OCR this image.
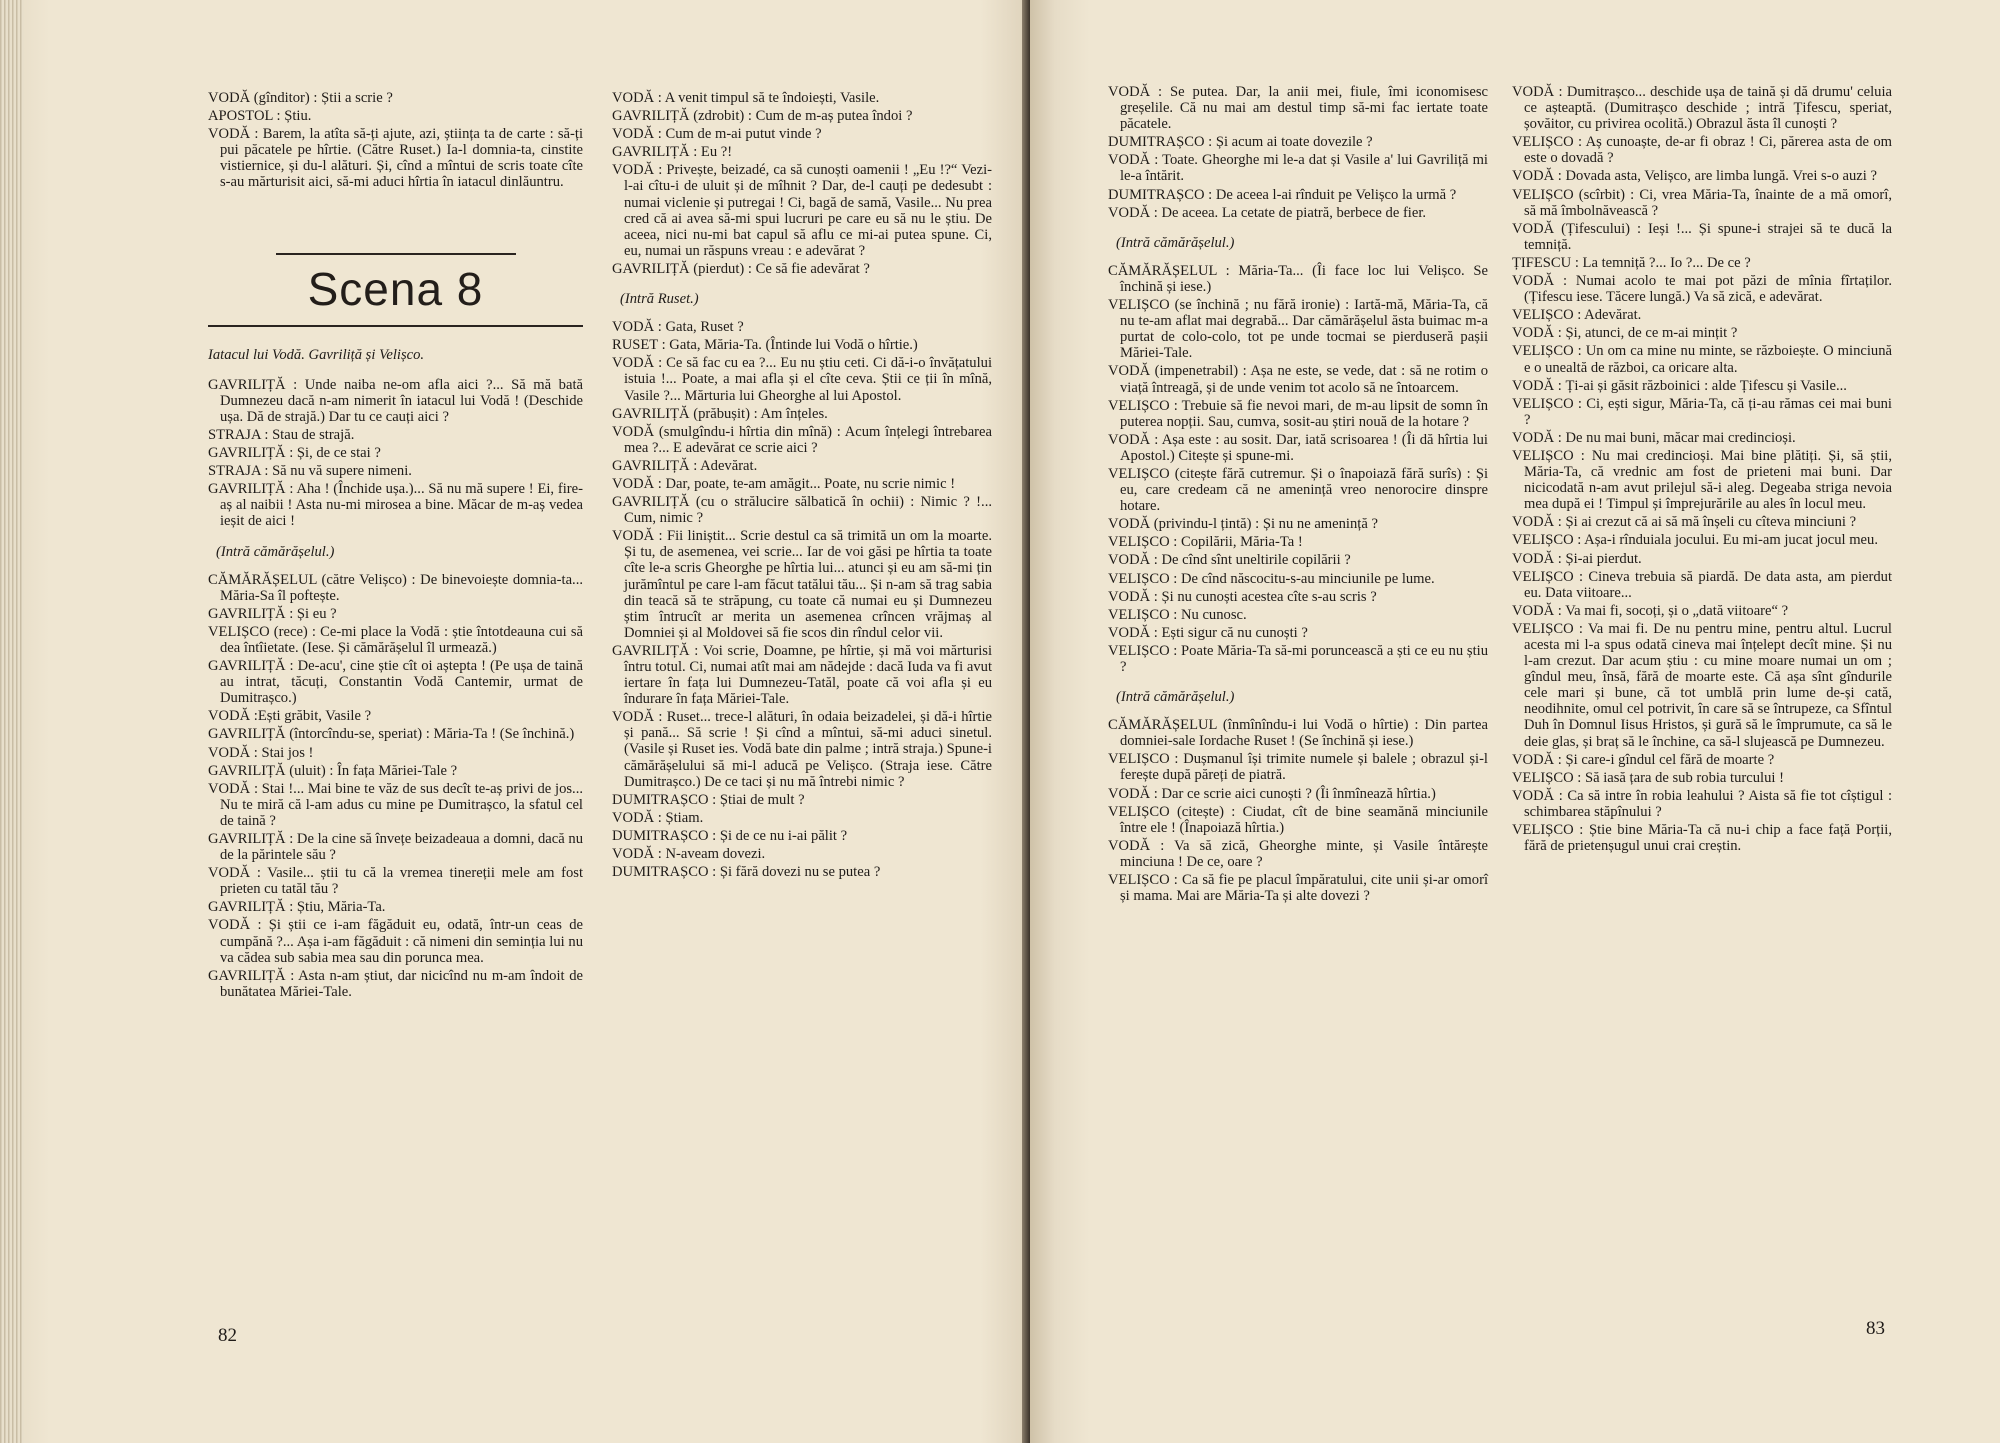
VODĂ (gînditor) : Știi a scrie ?

APOSTOL : Știu.

VODĂ : Barem, la atîta să-ți ajute, azi, știința ta de carte : să-ți pui păcatele pe hîrtie. (Către Ruset.) Ia-l domnia-ta, cinstite vistiernice, și du-l alături. Și, cînd a mîntui de scris toate cîte s-au mărturisit aici, să-mi aduci hîrtia în iatacul dinlăuntru.

Scena 8

Iatacul lui Vodă. Gavriliță și Velișco.

GAVRILIȚĂ : Unde naiba ne-om afla aici ?... Să mă bată Dumnezeu dacă n-am nimerit în iatacul lui Vodă ! (Deschide ușa. Dă de strajă.) Dar tu ce cauți aici ?

STRAJA : Stau de strajă.

GAVRILIȚĂ : Și, de ce stai ?

STRAJA : Să nu vă supere nimeni.

GAVRILIȚĂ : Aha ! (Închide ușa.)... Să nu mă supere ! Ei, fire-aș al naibii ! Asta nu-mi mirosea a bine. Măcar de m-aș vedea ieșit de aici !

(Intră cămărășelul.)

CĂMĂRĂȘELUL (către Velișco) : De binevoiește domnia-ta... Măria-Sa îl poftește.

GAVRILIȚĂ : Și eu ?

VELIȘCO (rece) : Ce-mi place la Vodă : știe întotdeauna cui să dea întîietate. (Iese. Și cămărășelul îl urmează.)

GAVRILIȚĂ : De-acu', cine știe cît oi aștepta ! (Pe ușa de taină au intrat, tăcuți, Constantin Vodă Cantemir, urmat de Dumitrașco.)

VODĂ :Ești grăbit, Vasile ?

GAVRILIȚĂ (întorcîndu-se, speriat) : Măria-Ta ! (Se închină.)

VODĂ : Stai jos !

GAVRILIȚĂ (uluit) : În fața Măriei-Tale ?

VODĂ : Stai !... Mai bine te văz de sus decît te-aș privi de jos... Nu te miră că l-am adus cu mine pe Dumitrașco, la sfatul cel de taină ?

GAVRILIȚĂ : De la cine să învețe beizadeaua a domni, dacă nu de la părintele său ?

VODĂ : Vasile... știi tu că la vremea tinereții mele am fost prieten cu tatăl tău ?

GAVRILIȚĂ : Știu, Măria-Ta.

VODĂ : Și știi ce i-am făgăduit eu, odată, într-un ceas de cumpănă ?... Așa i-am făgăduit : că nimeni din seminția lui nu va cădea sub sabia mea sau din porunca mea.

GAVRILIȚĂ : Asta n-am știut, dar nicicînd nu m-am îndoit de bunătatea Măriei-Tale.

VODĂ : A venit timpul să te îndoiești, Vasile.

GAVRILIȚĂ (zdrobit) : Cum de m-aș putea îndoi ?

VODĂ : Cum de m-ai putut vinde ?

GAVRILIȚĂ : Eu ?!

VODĂ : Privește, beizadé, ca să cunoști oamenii ! „Eu !?“ Vezi-l-ai cîtu-i de uluit și de mîhnit ? Dar, de-l cauți pe dedesubt : numai viclenie și putregai ! Ci, bagă de samă, Vasile... Nu prea cred că ai avea să-mi spui lucruri pe care eu să nu le știu. De aceea, nici nu-mi bat capul să aflu ce mi-ai putea spune. Ci, eu, numai un răspuns vreau : e adevărat ?

GAVRILIȚĂ (pierdut) : Ce să fie adevărat ?

(Intră Ruset.)

VODĂ : Gata, Ruset ?

RUSET : Gata, Măria-Ta. (Întinde lui Vodă o hîrtie.)

VODĂ : Ce să fac cu ea ?... Eu nu știu ceti. Ci dă-i-o învățatului istuia !... Poate, a mai afla și el cîte ceva. Știi ce ții în mînă, Vasile ?... Mărturia lui Gheorghe al lui Apostol.

GAVRILIȚĂ (prăbușit) : Am înțeles.

VODĂ (smulgîndu-i hîrtia din mînă) : Acum înțelegi întrebarea mea ?... E adevărat ce scrie aici ?

GAVRILIȚĂ : Adevărat.

VODĂ : Dar, poate, te-am amăgit... Poate, nu scrie nimic !

GAVRILIȚĂ (cu o strălucire sălbatică în ochii) : Nimic ? !... Cum, nimic ?

VODĂ : Fii liniștit... Scrie destul ca să trimită un om la moarte. Și tu, de asemenea, vei scrie... Iar de voi găsi pe hîrtia ta toate cîte le-a scris Gheorghe pe hîrtia lui... atunci și eu am să-mi țin jurămîntul pe care l-am făcut tatălui tău... Și n-am să trag sabia din teacă să te străpung, cu toate că numai eu și Dumnezeu știm întrucît ar merita un asemenea crîncen vrăjmaș al Domniei și al Moldovei să fie scos din rîndul celor vii.

GAVRILIȚĂ : Voi scrie, Doamne, pe hîrtie, și mă voi mărturisi întru totul. Ci, numai atît mai am nădejde : dacă Iuda va fi avut iertare în fața lui Dumnezeu-Tatăl, poate că voi afla și eu îndurare în fața Măriei-Tale.

VODĂ : Ruset... trece-l alături, în odaia beizadelei, și dă-i hîrtie și pană... Să scrie ! Și cînd a mîntui, să-mi aduci sinetul. (Vasile și Ruset ies. Vodă bate din palme ; intră straja.) Spune-i cămărășelului să mi-l aducă pe Velișco. (Straja iese. Către Dumitrașco.) De ce taci și nu mă întrebi nimic ?

DUMITRAȘCO : Știai de mult ?

VODĂ : Știam.

DUMITRAȘCO : Și de ce nu i-ai pălit ?

VODĂ : N-aveam dovezi.

DUMITRAȘCO : Și fără dovezi nu se putea ?

82

VODĂ : Se putea. Dar, la anii mei, fiule, îmi iconomisesc greșelile. Că nu mai am destul timp să-mi fac iertate toate păcatele.

DUMITRAȘCO : Și acum ai toate dovezile ?

VODĂ : Toate. Gheorghe mi le-a dat și Vasile a' lui Gavriliță mi le-a întărit.

DUMITRAȘCO : De aceea l-ai rînduit pe Velișco la urmă ?

VODĂ : De aceea. La cetate de piatră, berbece de fier.

(Intră cămărășelul.)

CĂMĂRĂȘELUL : Măria-Ta... (Îi face loc lui Velișco. Se închină și iese.)

VELIȘCO (se închină ; nu fără ironie) : Iartă-mă, Măria-Ta, că nu te-am aflat mai degrabă... Dar cămărășelul ăsta buimac m-a purtat de colo-colo, tot pe unde tocmai se pierduseră pașii Măriei-Tale.

VODĂ (impenetrabil) : Așa ne este, se vede, dat : să ne rotim o viață întreagă, și de unde venim tot acolo să ne întoarcem.

VELIȘCO : Trebuie să fie nevoi mari, de m-au lipsit de somn în puterea nopții. Sau, cumva, sosit-au știri nouă de la hotare ?

VODĂ : Așa este : au sosit. Dar, iată scrisoarea ! (Îi dă hîrtia lui Apostol.) Citește și spune-mi.

VELIȘCO (citește fără cutremur. Și o înapoiază fără surîs) : Și eu, care credeam că ne amenință vreo nenorocire dinspre hotare.

VODĂ (privindu-l țintă) : Și nu ne amenință ?

VELIȘCO : Copilării, Măria-Ta !

VODĂ : De cînd sînt uneltirile copilării ?

VELIȘCO : De cînd născocitu-s-au minciunile pe lume.

VODĂ : Și nu cunoști acestea cîte s-au scris ?

VELIȘCO : Nu cunosc.

VODĂ : Ești sigur că nu cunoști ?

VELIȘCO : Poate Măria-Ta să-mi poruncească a ști ce eu nu știu ?

(Intră cămărășelul.)

CĂMĂRĂȘELUL (înmînîndu-i lui Vodă o hîrtie) : Din partea domniei-sale Iordache Ruset ! (Se închină și iese.)

VELIȘCO : Dușmanul își trimite numele și balele ; obrazul și-l ferește după păreți de piatră.

VODĂ : Dar ce scrie aici cunoști ? (Îi înmînează hîrtia.)

VELIȘCO (citește) : Ciudat, cît de bine seamănă minciunile între ele ! (Înapoiază hîrtia.)

VODĂ : Va să zică, Gheorghe minte, și Vasile întărește minciuna ! De ce, oare ?

VELIȘCO : Ca să fie pe placul împăratului, cite unii și-ar omorî și mama. Mai are Măria-Ta și alte dovezi ?

VODĂ : Dumitrașco... deschide ușa de taină și dă drumu' celuia ce așteaptă. (Dumitrașco deschide ; intră Țifescu, speriat, șovăitor, cu privirea ocolită.) Obrazul ăsta îl cunoști ?

VELIȘCO : Aș cunoaște, de-ar fi obraz ! Ci, părerea asta de om este o dovadă ?

VODĂ : Dovada asta, Velișco, are limba lungă. Vrei s-o auzi ?

VELIȘCO (scîrbit) : Ci, vrea Măria-Ta, înainte de a mă omorî, să mă îmbolnăvească ?

VODĂ (Țifescului) : Ieși !... Și spune-i strajei să te ducă la temniță.

ȚIFESCU : La temniță ?... Io ?... De ce ?

VODĂ : Numai acolo te mai pot păzi de mînia fîrtaților. (Țifescu iese. Tăcere lungă.) Va să zică, e adevărat.

VELIȘCO : Adevărat.

VODĂ : Și, atunci, de ce m-ai mințit ?

VELIȘCO : Un om ca mine nu minte, se războiește. O minciună e o unealtă de război, ca oricare alta.

VODĂ : Ți-ai și găsit războinici : alde Țifescu și Vasile...

VELIȘCO : Ci, ești sigur, Măria-Ta, că ți-au rămas cei mai buni ?

VODĂ : De nu mai buni, măcar mai credincioși.

VELIȘCO : Nu mai credincioși. Mai bine plătiți. Și, să știi, Măria-Ta, că vrednic am fost de prieteni mai buni. Dar nicicodată n-am avut prilejul să-i aleg. Degeaba striga nevoia mea după ei ! Timpul și împrejurările au ales în locul meu.

VODĂ : Și ai crezut că ai să mă înșeli cu cîteva minciuni ?

VELIȘCO : Așa-i rînduiala jocului. Eu mi-am jucat jocul meu.

VODĂ : Și-ai pierdut.

VELIȘCO : Cineva trebuia să piardă. De data asta, am pierdut eu. Data viitoare...

VODĂ : Va mai fi, socoți, și o „dată viitoare“ ?

VELIȘCO : Va mai fi. De nu pentru mine, pentru altul. Lucrul acesta mi l-a spus odată cineva mai înțelept decît mine. Și nu l-am crezut. Dar acum știu : cu mine moare numai un om ; gîndul meu, însă, fără de moarte este. Că așa sînt gîndurile cele mari și bune, că tot umblă prin lume de-și cată, neodihnite, omul cel potrivit, în care să se întrupeze, ca Sfîntul Duh în Domnul Iisus Hristos, și gură să le împrumute, ca să le deie glas, și braț să le închine, ca să-l slujească pe Dumnezeu.

VODĂ : Și care-i gîndul cel fără de moarte ?

VELIȘCO : Să iasă țara de sub robia turcului !

VODĂ : Ca să intre în robia leahului ? Aista să fie tot cîștigul : schimbarea stăpînului ?

VELIȘCO : Știe bine Măria-Ta că nu-i chip a face față Porții, fără de prietenșugul unui crai creștin.

83
